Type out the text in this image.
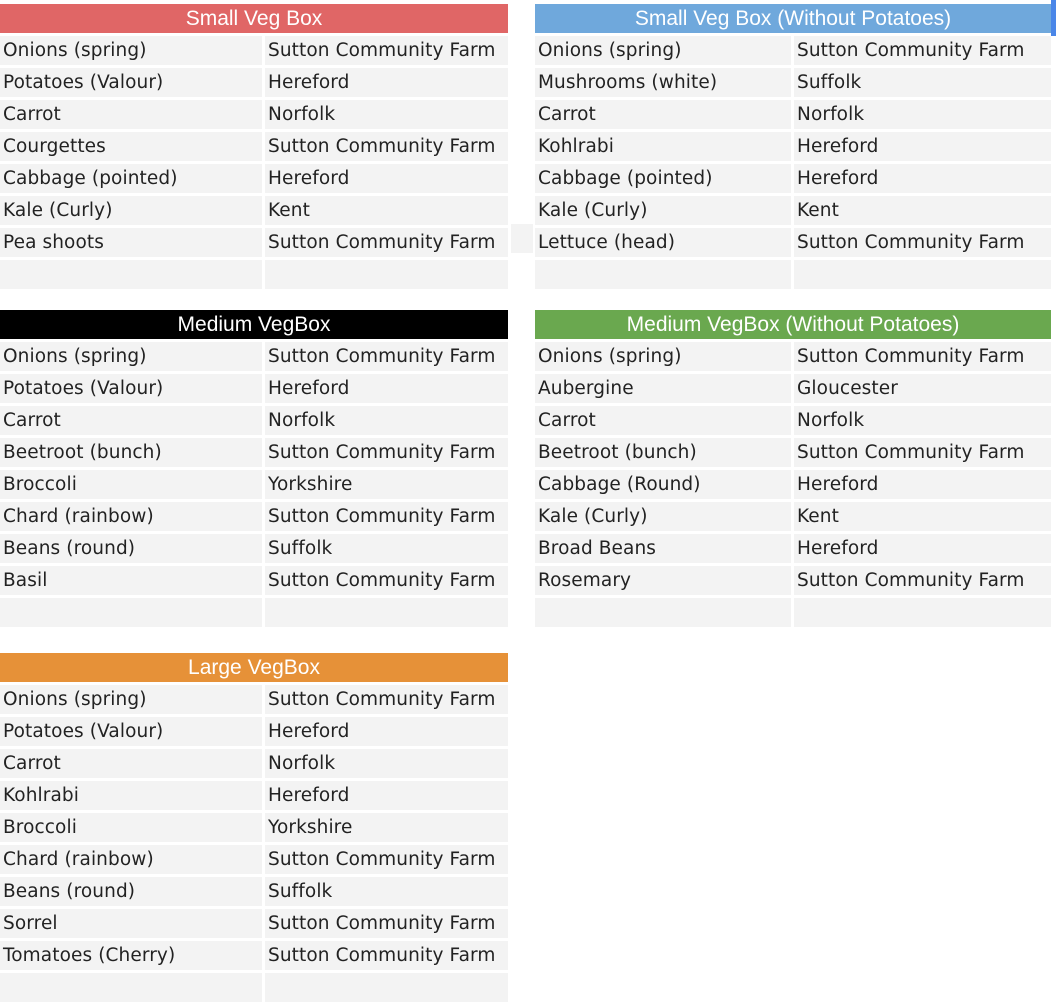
Small Veg Box
Onions (spring)	Sutton Community Farm
Potatoes (Valour)	Hereford
Carrot	Norfolk
Courgettes	Sutton Community Farm
Cabbage (pointed)	Hereford
Kale (Curly)	Kent
Pea shoots	Sutton Community Farm
Small Veg Box (Without Potatoes)
Onions (spring)	Sutton Community Farm
Mushrooms (white)	Suffolk
Carrot	Norfolk
Kohlrabi	Hereford
Cabbage (pointed)	Hereford
Kale (Curly)	Kent
Lettuce (head)	Sutton Community Farm
Medium VegBox
Onions (spring)	Sutton Community Farm
Potatoes (Valour)	Hereford
Carrot	Norfolk
Beetroot (bunch)	Sutton Community Farm
Broccoli	Yorkshire
Chard (rainbow)	Sutton Community Farm
Beans (round)	Suffolk
Basil	Sutton Community Farm
Medium VegBox (Without Potatoes)
Onions (spring)	Sutton Community Farm
Aubergine	Gloucester
Carrot	Norfolk
Beetroot (bunch)	Sutton Community Farm
Cabbage (Round)	Hereford
Kale (Curly)	Kent
Broad Beans	Hereford
Rosemary	Sutton Community Farm
Large VegBox
Onions (spring)	Sutton Community Farm
Potatoes (Valour)	Hereford
Carrot	Norfolk
Kohlrabi	Hereford
Broccoli	Yorkshire
Chard (rainbow)	Sutton Community Farm
Beans (round)	Suffolk
Sorrel	Sutton Community Farm
Tomatoes (Cherry)	Sutton Community Farm
